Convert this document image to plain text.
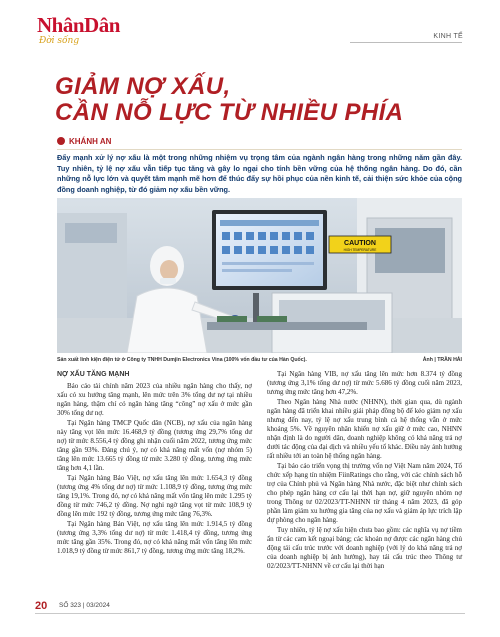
NhânDân
Đời sống	KINH TẾ
GIẢM NỢ XẤU,
CẦN NỖ LỰC TỪ NHIỀU PHÍA
KHÁNH AN

Đẩy mạnh xử lý nợ xấu là một trong những nhiệm vụ trọng tâm của ngành ngân hàng trong những năm gần đây. Tuy nhiên, tỷ lệ nợ xấu vẫn tiếp tục tăng và gây lo ngại cho tính bền vững của hệ thống ngân hàng. Do đó, cần những nỗ lực lớn và quyết tâm mạnh mẽ hơn để thúc đẩy sự hồi phục của nền kinh tế, cải thiện sức khỏe của cộng đồng doanh nghiệp, từ đó giảm nợ xấu bền vững.

CAUTION
HIGH TEMPERATURE
Sản xuất linh kiện điện tử ở Công ty TNHH Dumjin Electronics Vina (100% vốn đầu tư của Hàn Quốc).	Ảnh | TRẦN HẢI
NỢ XẤU TĂNG MẠNH
Báo cáo tài chính năm 2023 của nhiều ngân hàng cho thấy, nợ xấu có xu hướng tăng mạnh, lên mức trên 3% tổng dư nợ tại nhiều ngân hàng, thậm chí có ngân hàng tăng “công” nợ xấu ở mức gần 30% tổng dư nợ.
Tại Ngân hàng TMCP Quốc dân (NCB), nợ xấu của ngân hàng này tăng vọt lên mức 16.468,9 tỷ đồng (tương ứng 29,7% tổng dư nợ) từ mức 8.556,4 tỷ đồng ghi nhận cuối năm 2022, tương ứng mức tăng gần 93%. Đáng chú ý, nợ có khả năng mất vốn (nợ nhóm 5) tăng lên mức 13.665 tỷ đồng từ mức 3.280 tỷ đồng, tương ứng mức tăng hơn 4,1 lần.
Tại Ngân hàng Bảo Việt, nợ xấu tăng lên mức 1.654,3 tỷ đồng (tương ứng 4% tổng dư nợ) từ mức 1.108,9 tỷ đồng, tương ứng mức tăng 19,1%. Trong đó, nợ có khả năng mất vốn tăng lên mức 1.295 tỷ đồng từ mức 746,2 tỷ đồng. Nợ nghi ngờ tăng vọt từ mức 108,9 tỷ đồng lên mức 192 tỷ đồng, tương ứng mức tăng 76,3%.
Tại Ngân hàng Bản Việt, nợ xấu tăng lên mức 1.914,5 tỷ đồng (tương ứng 3,3% tổng dư nợ) từ mức 1.418,4 tỷ đồng, tương ứng mức tăng gần 35%. Trong đó, nợ có khả năng mất vốn tăng lên mức 1.018,9 tỷ đồng từ mức 861,7 tỷ đồng, tương ứng mức tăng 18,2%.
Tại Ngân hàng VIB, nợ xấu tăng lên mức hơn 8.374 tỷ đồng (tương ứng 3,1% tổng dư nợ) từ mức 5.686 tỷ đồng cuối năm 2023, tương ứng mức tăng hơn 47,2%.
Theo Ngân hàng Nhà nước (NHNN), thời gian qua, dù ngành ngân hàng đã triển khai nhiều giải pháp đồng bộ để kéo giảm nợ xấu nhưng đến nay, tỷ lệ nợ xấu trung bình cả hệ thống vẫn ở mức khoảng 5%. Về nguyên nhân khiến nợ xấu giữ ở mức cao, NHNN nhận định là do người dân, doanh nghiệp không có khả năng trả nợ dưới tác động của đại dịch và nhiều yếu tố khác. Điều này ảnh hưởng rất nhiều tới an toàn hệ thống ngân hàng.
Tại báo cáo triển vọng thị trường vốn nợ Việt Nam năm 2024, Tổ chức xếp hạng tín nhiệm FiinRatings cho rằng, với các chính sách hỗ trợ của Chính phủ và Ngân hàng Nhà nước, đặc biệt như chính sách cho phép ngân hàng cơ cấu lại thời hạn nợ, giữ nguyên nhóm nợ trong Thông tư 02/2023/TT-NHNN từ tháng 4 năm 2023, đã góp phần làm giảm xu hướng gia tăng của nợ xấu và giảm áp lực trích lập dự phòng cho ngân hàng.
Tuy nhiên, tỷ lệ nợ xấu hiện chưa bao gồm: các nghĩa vụ nợ tiềm ẩn từ các cam kết ngoại bảng; các khoản nợ được các ngân hàng chủ động tái cấu trúc trước với doanh nghiệp (với lý do khả năng trả nợ của doanh nghiệp bị ảnh hưởng), hay tái cấu trúc theo Thông tư 02/2023/TT-NHNN về cơ cấu lại thời hạn
20 SỐ 323 | 03/2024
